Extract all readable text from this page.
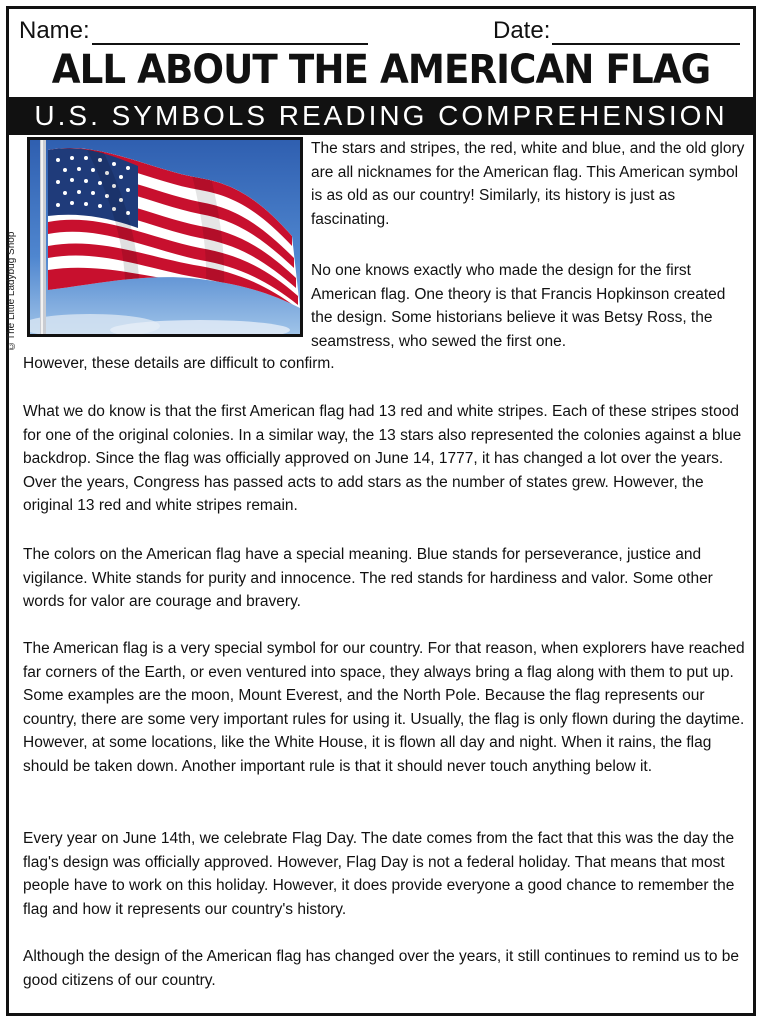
Name:	Date:
ALL ABOUT THE AMERICAN FLAG
U.S. SYMBOLS READING COMPREHENSION
©The Little Ladybug Shop

The stars and stripes, the red, white and blue, and the old glory are all nicknames for the American flag. This American symbol is as old as our country! Similarly, its history is just as fascinating.

No one knows exactly who made the design for the first American flag. One theory is that Francis Hopkinson created the design. Some historians believe it was Betsy Ross, the seamstress, who sewed the first one.

However, these details are difficult to confirm.

What we do know is that the first American flag had 13 red and white stripes. Each of these stripes stood for one of the original colonies. In a similar way, the 13 stars also represented the colonies against a blue backdrop. Since the flag was officially approved on June 14, 1777, it has changed a lot over the years. Over the years, Congress has passed acts to add stars as the number of states grew. However, the original 13 red and white stripes remain.

The colors on the American flag have a special meaning. Blue stands for perseverance, justice and vigilance. White stands for purity and innocence. The red stands for hardiness and valor. Some other words for valor are courage and bravery.

The American flag is a very special symbol for our country. For that reason, when explorers have reached far corners of the Earth, or even ventured into space, they always bring a flag along with them to put up. Some examples are the moon, Mount Everest, and the North Pole. Because the flag represents our country, there are some very important rules for using it. Usually, the flag is only flown during the daytime. However, at some locations, like the White House, it is flown all day and night. When it rains, the flag should be taken down. Another important rule is that it should never touch anything below it.

Every year on June 14th, we celebrate Flag Day. The date comes from the fact that this was the day the flag's design was officially approved. However, Flag Day is not a federal holiday. That means that most people have to work on this holiday. However, it does provide everyone a good chance to remember the flag and how it represents our country's history.

Although the design of the American flag has changed over the years, it still continues to remind us to be good citizens of our country.
